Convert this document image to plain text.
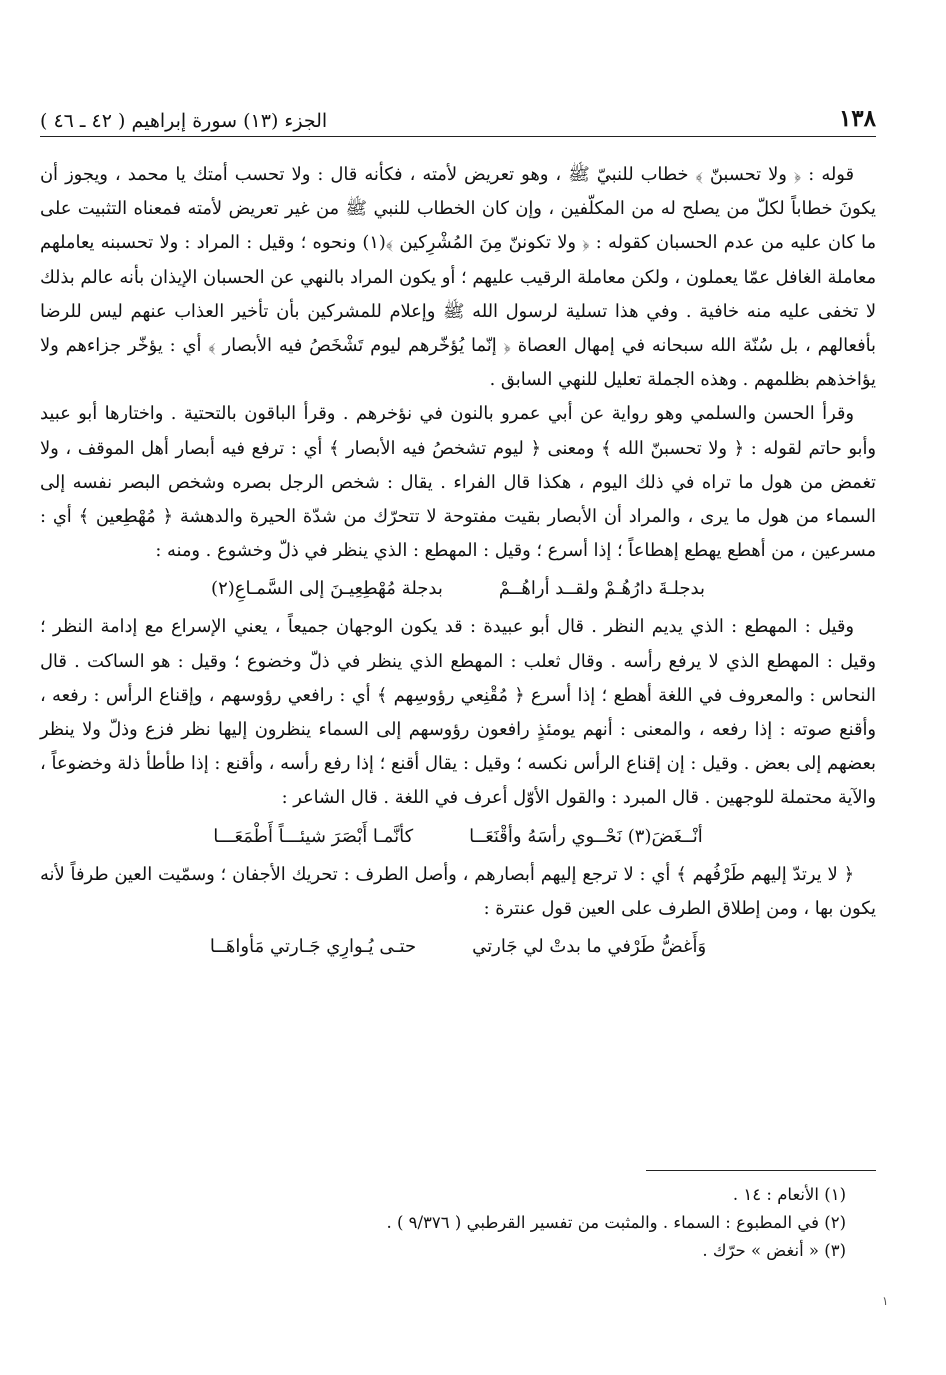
١٣٨
الجزء (١٣) سورة إبراهيم ( ٤٢ ـ ٤٦ )

قوله : ﴿ ولا تحسبنّ ﴾ خطاب للنبيّ ﷺ ، وهو تعريض لأمته ، فكأنه قال : ولا تحسب أمتك يا محمد ، ويجوز أن يكونَ خطاباً لكلّ من يصلح له من المكلّفين ، وإن كان الخطاب للنبي ﷺ من غير تعريض لأمته فمعناه التثبيت على ما كان عليه من عدم الحسبان كقوله : ﴿ ولا تكوننّ مِنَ المُشْرِكين ﴾(١) ونحوه ؛ وقيل : المراد : ولا تحسبنه يعاملهم معاملة الغافل عمّا يعملون ، ولكن معاملة الرقيب عليهم ؛ أو يكون المراد بالنهي عن الحسبان الإيذان بأنه عالم بذلك لا تخفى عليه منه خافية . وفي هذا تسلية لرسول الله ﷺ وإعلام للمشركين بأن تأخير العذاب عنهم ليس للرضا بأفعالهم ، بل سُنّة الله سبحانه في إمهال العصاة ﴿ إنّما يُؤخّرهم ليوم تَشْخَصُ فيه الأبصار ﴾ أي : يؤخّر جزاءهم ولا يؤاخذهم بظلمهم . وهذه الجملة تعليل للنهي السابق .

وقرأ الحسن والسلمي وهو رواية عن أبي عمرو بالنون في نؤخرهم . وقرأ الباقون بالتحتية . واختارها أبو عبيد وأبو حاتم لقوله : ﴿ ولا تحسبنّ الله ﴾ ومعنى ﴿ ليوم تشخصُ فيه الأبصار ﴾ أي : ترفع فيه أبصار أهل الموقف ، ولا تغمض من هول ما تراه في ذلك اليوم ، هكذا قال الفراء . يقال : شخص الرجل بصره وشخص البصر نفسه إلى السماء من هول ما يرى ، والمراد أن الأبصار بقيت مفتوحة لا تتحرّك من شدّة الحيرة والدهشة ﴿ مُهْطِعين ﴾ أي : مسرعين ، من أهطع يهطع إهطاعاً ؛ إذا أسرع ؛ وقيل : المهطع : الذي ينظر في ذلّ وخشوع . ومنه :

بدجلـةَ دارُهُـمْ ولقــد أراهُــمْ
بدجلة مُهْطِعِيـنَ إلى السَّمـاعِ(٢)

وقيل : المهطع : الذي يديم النظر . قال أبو عبيدة : قد يكون الوجهان جميعاً ، يعني الإسراع مع إدامة النظر ؛ وقيل : المهطع الذي لا يرفع رأسه . وقال ثعلب : المهطع الذي ينظر في ذلّ وخضوع ؛ وقيل : هو الساكت . قال النحاس : والمعروف في اللغة أهطع ؛ إذا أسرع ﴿ مُقْنِعي رؤوسِهم ﴾ أي : رافعي رؤوسهم ، وإقناع الرأس : رفعه ، وأقنع صوته : إذا رفعه ، والمعنى : أنهم يومئذٍ رافعون رؤوسهم إلى السماء ينظرون إليها نظر فزع وذلّ ولا ينظر بعضهم إلى بعض . وقيل : إن إقناع الرأس نكسه ؛ وقيل : يقال أقنع ؛ إذا رفع رأسه ، وأقنع : إذا طأطأ ذلة وخضوعاً ، والآية محتملة للوجهين . قال المبرد : والقول الأوّل أعرف في اللغة . قال الشاعر :

أنْــغَضَ(٣) نَحْــوي رأسَهُ وأقْنَعَــا
كأنَّمـا أَبْصَرَ شيئـــاً أَطْمَعَـــا

﴿ لا يرتدّ إليهم طَرْفُهم ﴾ أي : لا ترجع إليهم أبصارهم ، وأصل الطرف : تحريك الأجفان ؛ وسمّيت العين طرفاً لأنه يكون بها ، ومن إطلاق الطرف على العين قول عنترة :

وَأَغضُّ طَرْفي ما بدتْ لي جَارتي
حتـى يُـوارِي جَـارتي مَأواهَــا
(١) الأنعام : ١٤ .
(٢) في المطبوع : السماء . والمثبت من تفسير القرطبي ( ٩/٣٧٦ ) .
(٣) « أنغض » حرّك .
١
